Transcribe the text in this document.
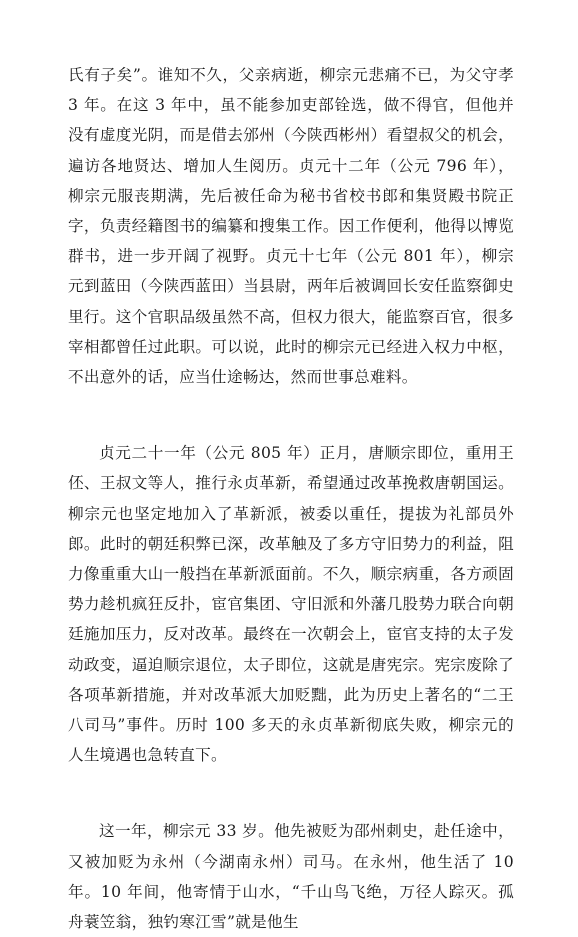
氏有子矣”。谁知不久，父亲病逝，柳宗元悲痛不已，为父守孝 3 年。在这 3 年中，虽不能参加吏部铨选，做不得官，但他并没有虚度光阴，而是借去邠州（今陕西彬州）看望叔父的机会，遍访各地贤达、增加人生阅历。贞元十二年（公元 796 年），柳宗元服丧期满，先后被任命为秘书省校书郎和集贤殿书院正字，负责经籍图书的编纂和搜集工作。因工作便利，他得以博览群书，进一步开阔了视野。贞元十七年（公元 801 年），柳宗元到蓝田（今陕西蓝田）当县尉，两年后被调回长安任监察御史里行。这个官职品级虽然不高，但权力很大，能监察百官，很多宰相都曾任过此职。可以说，此时的柳宗元已经进入权力中枢，不出意外的话，应当仕途畅达，然而世事总难料。

贞元二十一年（公元 805 年）正月，唐顺宗即位，重用王伾、王叔文等人，推行永贞革新，希望通过改革挽救唐朝国运。柳宗元也坚定地加入了革新派，被委以重任，提拔为礼部员外郎。此时的朝廷积弊已深，改革触及了多方守旧势力的利益，阻力像重重大山一般挡在革新派面前。不久，顺宗病重，各方顽固势力趁机疯狂反扑，宦官集团、守旧派和外藩几股势力联合向朝廷施加压力，反对改革。最终在一次朝会上，宦官支持的太子发动政变，逼迫顺宗退位，太子即位，这就是唐宪宗。宪宗废除了各项革新措施，并对改革派大加贬黜，此为历史上著名的“二王八司马”事件。历时 100 多天的永贞革新彻底失败，柳宗元的人生境遇也急转直下。

这一年，柳宗元 33 岁。他先被贬为邵州刺史，赴任途中，又被加贬为永州（今湖南永州）司马。在永州，他生活了 10 年。10 年间，他寄情于山水，“千山鸟飞绝，万径人踪灭。孤舟蓑笠翁，独钓寒江雪”就是他生
